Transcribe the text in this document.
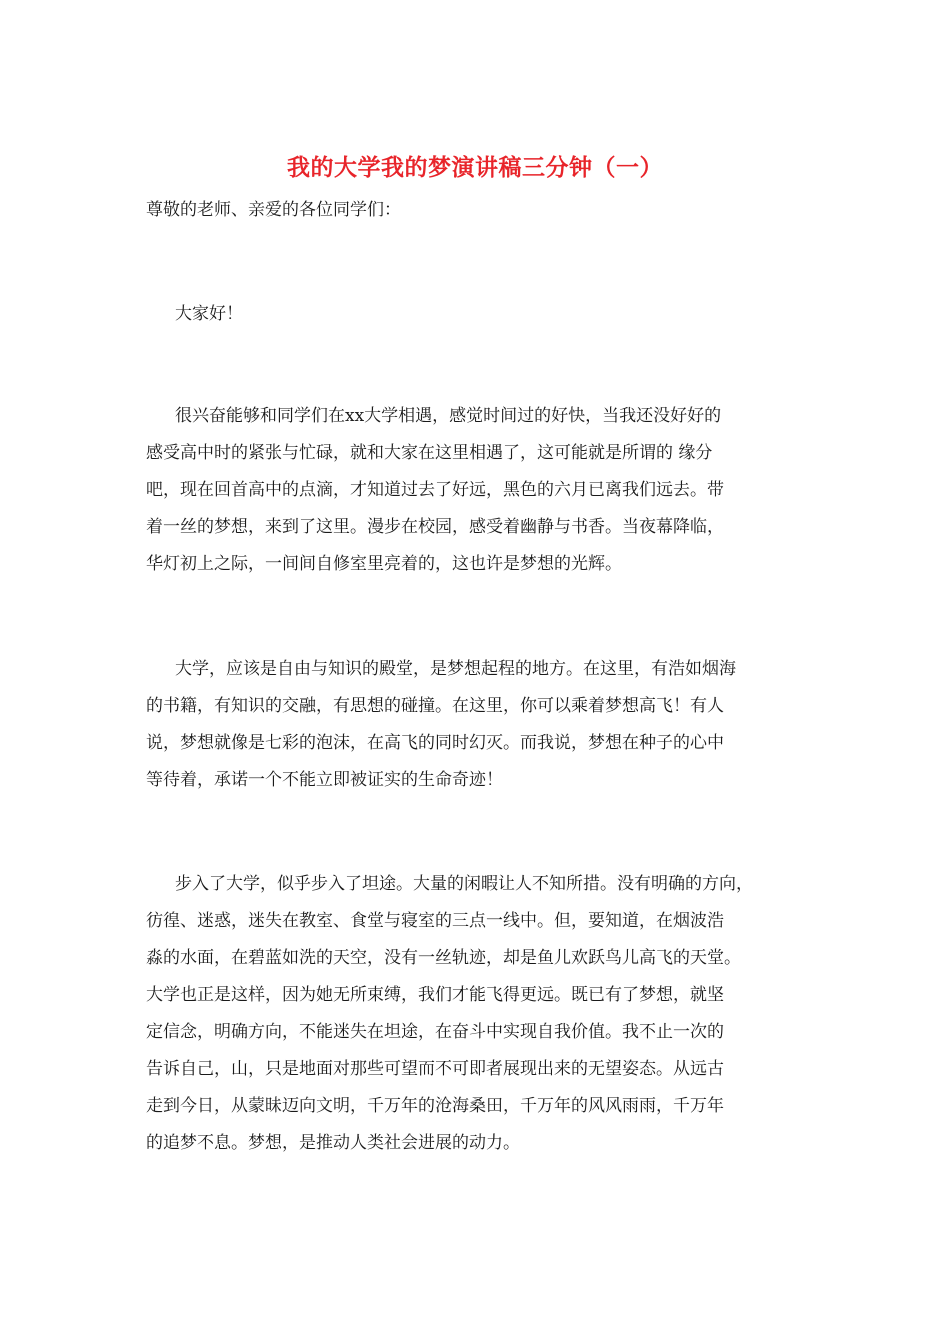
我的大学我的梦演讲稿三分钟（一）
尊敬的老师、亲爱的各位同学们：
大家好！
很兴奋能够和同学们在xx大学相遇，感觉时间过的好快，当我还没好好的
感受高中时的紧张与忙碌，就和大家在这里相遇了，这可能就是所谓的 缘分
吧，现在回首高中的点滴，才知道过去了好远，黑色的六月已离我们远去。带
着一丝的梦想，来到了这里。漫步在校园，感受着幽静与书香。当夜幕降临，
华灯初上之际，一间间自修室里亮着的，这也许是梦想的光辉。
大学，应该是自由与知识的殿堂，是梦想起程的地方。在这里，有浩如烟海
的书籍，有知识的交融，有思想的碰撞。在这里，你可以乘着梦想高飞！有人
说，梦想就像是七彩的泡沫，在高飞的同时幻灭。而我说，梦想在种子的心中
等待着，承诺一个不能立即被证实的生命奇迹！
步入了大学，似乎步入了坦途。大量的闲暇让人不知所措。没有明确的方向，
彷徨、迷惑，迷失在教室、食堂与寝室的三点一线中。但，要知道，在烟波浩
淼的水面，在碧蓝如洗的天空，没有一丝轨迹，却是鱼儿欢跃鸟儿高飞的天堂。
大学也正是这样，因为她无所束缚，我们才能飞得更远。既已有了梦想，就坚
定信念，明确方向，不能迷失在坦途，在奋斗中实现自我价值。我不止一次的
告诉自己，山，只是地面对那些可望而不可即者展现出来的无望姿态。从远古
走到今日，从蒙昧迈向文明，千万年的沧海桑田，千万年的风风雨雨，千万年
的追梦不息。梦想，是推动人类社会进展的动力。
